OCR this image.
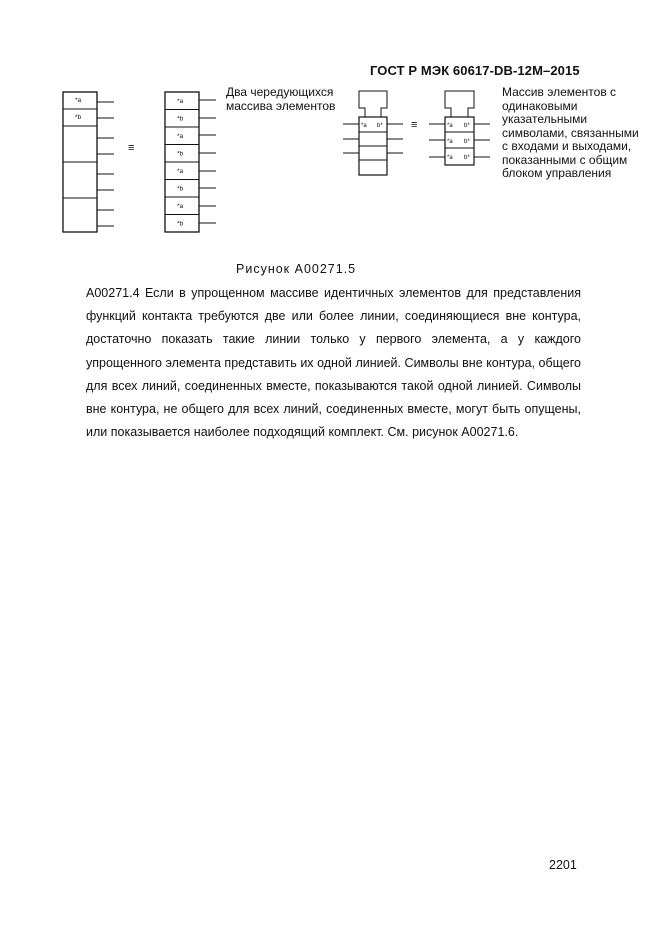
ГОСТ Р МЭК 60617-DB-12M–2015
*a
*b
*a
*b
*a
*b
*a
*b
*a
*b
*a b*	*a b*
*a b*
*a b*
≡
≡
Два чередующихся массива элементов
Массив элементов с одинаковыми указательными символами, связанными с входами и выходами, показанными с общим блоком управления
Рисунок A00271.5
A00271.4 Если в упрощенном массиве идентичных элементов для представления функций контакта требуются две или более линии, соединяющиеся вне контура, достаточно показать такие линии только у первого элемента, а у каждого упрощенного элемента представить их одной линией. Символы вне контура, общего для всех линий, соединенных вместе, показываются такой одной линией. Символы вне контура, не общего для всех линий, соединенных вместе, могут быть опущены, или показывается наиболее подходящий комплект. См. рисунок A00271.6.
2201
